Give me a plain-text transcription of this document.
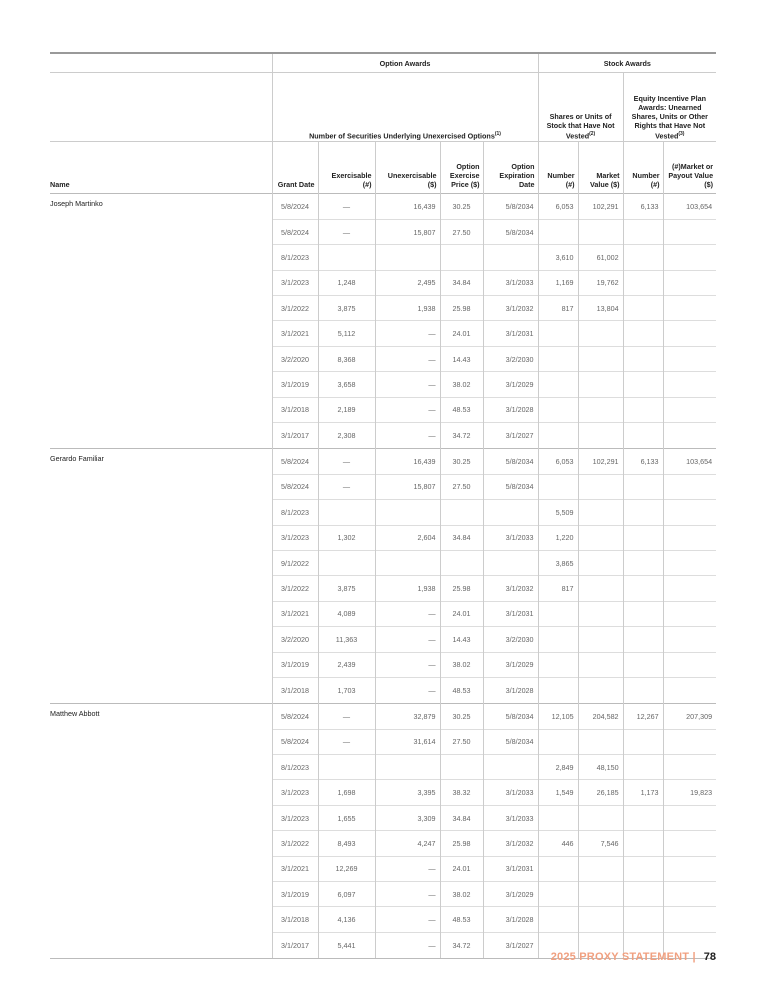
	Option Awards					Stock Awards			
	Number of Securities Underlying Unexercised Options$^{(1)}$					Shares or Units of Stock that Have Not Vested$^{(2)}$		Equity Incentive Plan Awards: Unearned Shares, Units or Other Rights that Have Not Vested$^{(3)}$
Name	Grant Date	Exercisable (#)	Unexercisable ($)	Option Exercise Price ($)	Option Expiration Date	Number (#)	Market Value ($)	Number (#)	(#)Market or Payout Value ($)
Joseph Martinko	5/8/2024	—	16,439	30.25	5/8/2034	6,053	102,291	6,133	103,654
	5/8/2024	—	15,807	27.50	5/8/2034				
	8/1/2023					3,610	61,002		
	3/1/2023	1,248	2,495	34.84	3/1/2033	1,169	19,762		
	3/1/2022	3,875	1,938	25.98	3/1/2032	817	13,804		
	3/1/2021	5,112	—	24.01	3/1/2031				
	3/2/2020	8,368	—	14.43	3/2/2030				
	3/1/2019	3,658	—	38.02	3/1/2029				
	3/1/2018	2,189	—	48.53	3/1/2028				
	3/1/2017	2,308	—	34.72	3/1/2027				
Gerardo Familiar	5/8/2024	—	16,439	30.25	5/8/2034	6,053	102,291	6,133	103,654
	5/8/2024	—	15,807	27.50	5/8/2034				
	8/1/2023					5,509			
	3/1/2023	1,302	2,604	34.84	3/1/2033	1,220			
	9/1/2022					3,865			
	3/1/2022	3,875	1,938	25.98	3/1/2032	817			
	3/1/2021	4,089	—	24.01	3/1/2031				
	3/2/2020	11,363	—	14.43	3/2/2030				
	3/1/2019	2,439	—	38.02	3/1/2029				
	3/1/2018	1,703	—	48.53	3/1/2028				
Matthew Abbott	5/8/2024	—	32,879	30.25	5/8/2034	12,105	204,582	12,267	207,309
	5/8/2024	—	31,614	27.50	5/8/2034				
	8/1/2023					2,849	48,150		
	3/1/2023	1,698	3,395	38.32	3/1/2033	1,549	26,185	1,173	19,823
	3/1/2023	1,655	3,309	34.84	3/1/2033				
	3/1/2022	8,493	4,247	25.98	3/1/2032	446	7,546		
	3/1/2021	12,269	—	24.01	3/1/2031				
	3/1/2019	6,097	—	38.02	3/1/2029				
	3/1/2018	4,136	—	48.53	3/1/2028				
	3/1/2017	5,441	—	34.72	3/1/2027				
2025 PROXY STATEMENT | 78
